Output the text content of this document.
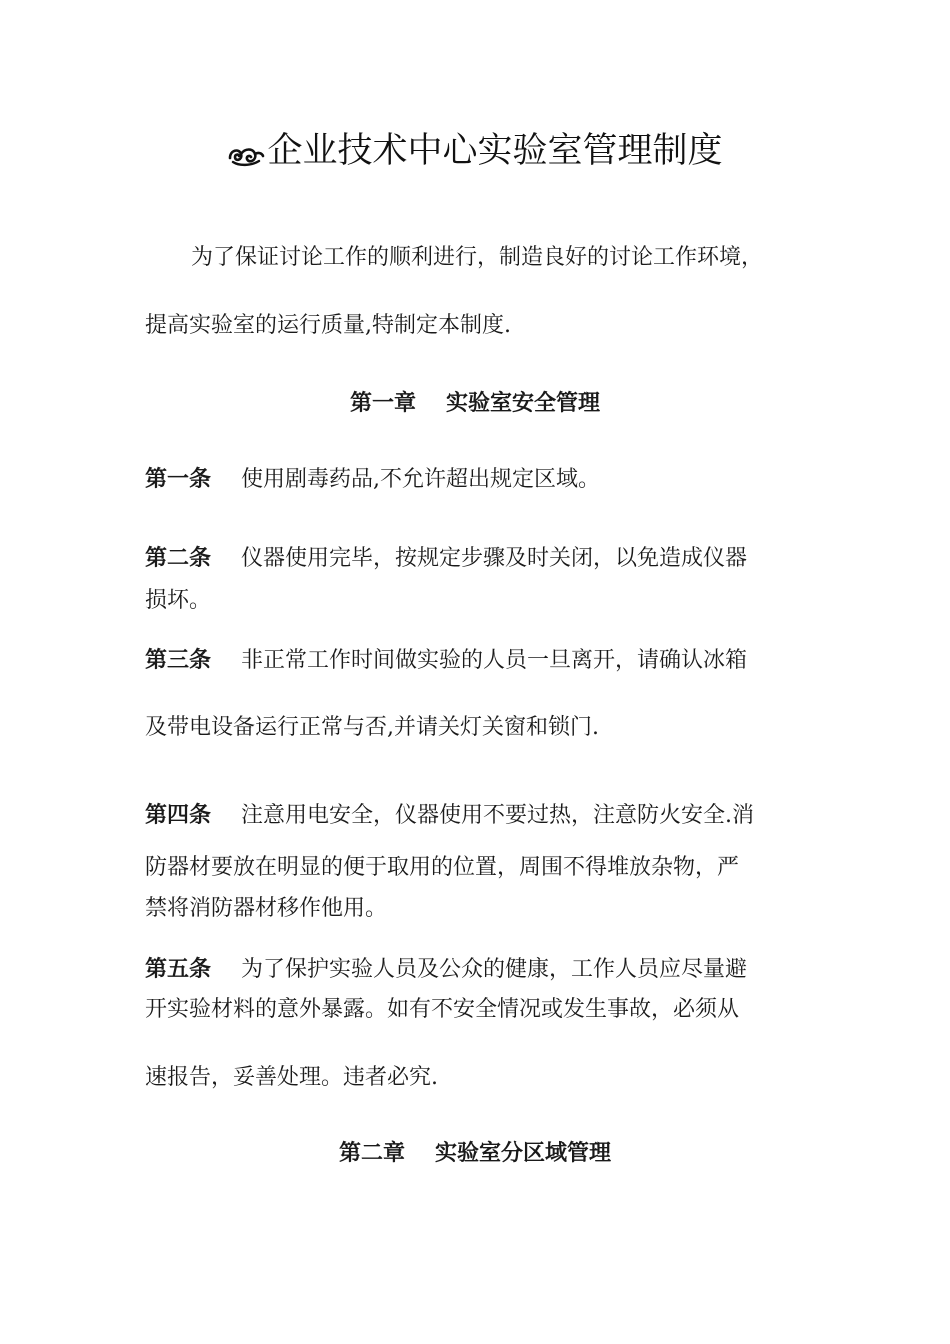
企业技术中心实验室管理制度
为了保证讨论工作的顺利进行，制造良好的讨论工作环境，
提高实验室的运行质量,特制定本制度.
第一章 实验室安全管理
第一条 使用剧毒药品,不允许超出规定区域。
第二条 仪器使用完毕，按规定步骤及时关闭，以免造成仪器
损坏。
第三条 非正常工作时间做实验的人员一旦离开，请确认冰箱
及带电设备运行正常与否,并请关灯关窗和锁门.
第四条 注意用电安全，仪器使用不要过热，注意防火安全.消
防器材要放在明显的便于取用的位置，周围不得堆放杂物，严
禁将消防器材移作他用。
第五条 为了保护实验人员及公众的健康，工作人员应尽量避
开实验材料的意外暴露。如有不安全情况或发生事故，必须从
速报告，妥善处理。违者必究.
第二章 实验室分区域管理
